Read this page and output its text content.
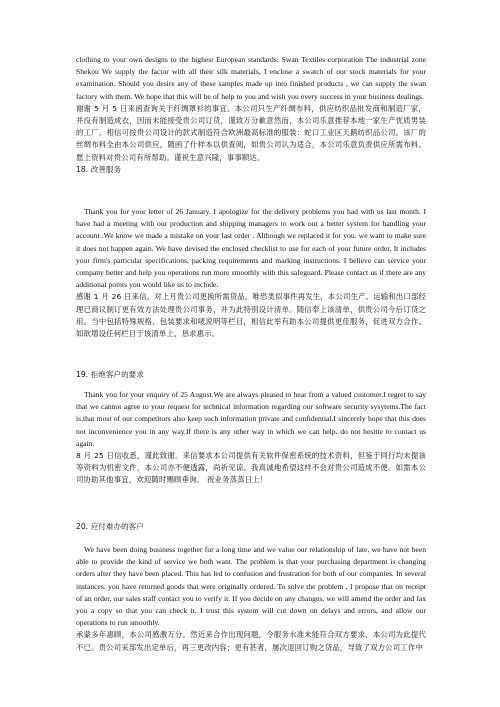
clothing to your own designs to the highest European standards: Swan Textiles corporation The industrial zone Shekou We supply the factor with all their silk materials, I enclose a swatch of our stock materials for your examination. Should you desire any of these samples made up into finished products , we can supply the swan factory with them. We hope that this will be of help to you and wish you every success in your business dealings.

谢谢 5 月 5 日来函查询关于纤绸罩衫的事宜。本公司只生产纤绸布料，供应纺织品批发商和制造厂家，并没有制造成衣，因而未能接受贵公司订货，谨致万分歉意然而，本公司乐意推荐本地一家生产优质男装的工厂，相信可按贵公司设计的款式制造符合欧洲最高标准的服装：蛇口工业区天鹅纺织品公司。该厂的丝绸布料全由本公司供应，随函了什样本以供查阅，如贵公司认为适合，本公司乐意负责供应所需布料。愿上资料对贵公司有所帮助。谨祝生意兴隆，事事顺达。

18. 改善服务

Thank you for your letter of 26 January. I apologize for the delivery problems you had with us last month. I have had a meeting with our production and shipping managers to work out a better system for handling your account .We know we made a mistake on your last order . Although we replaced it for you. we want to make sure it does not happen again. We have devised the enclosed checklist to use for each of your future order. It includes your firm's particular specifications, packing requirements and marking instructions. I believe can service your company better and help you operations run more smoothly with this safeguard. Please contact us if there are any additional points you would like us to include.

感谢 1 月 26 日来信。对上月贵公司更换所需货品，唯恐类似事件再发生，本公司生产、运输和出口部经理已商议制订更有效方法处理贵公司事务，并为此特别设计清单。随信奉上该清单，供贵公司今后订货之用。当中包括特殊规格、包装要求和唛说明等栏目，相信此举有助本公司提供更佳服务，促进双方合作。如欲增设任何栏目于该清单上，恳求惠示。

19. 拒绝客户的要求

Thank you for your enquiry of 25 August.We are always pleased to hear from a valued customer.I regret to say that we cannot agree to your request for technical information regarding our software security sysytems.The fact is,that most of our competitors also keep such information private and confidential.I sincerely hope that this does not inconvenience you in any way.If there is any other way in which we can help. do not hesitte to contact us again.

8 月 25 日信收悉，谨此致谢。来信要求本公司提供有关软件保密系统的技术资料，但鉴于同行均未提该等资料为机密文件，本公司亦不便透露，尚祈见谅。我真诚地希望这样不会对贵公司造成不便。如需本公司协助其他事宜，欢迎随时赐顾垂询。 祝业务蒸蒸日上！

20. 应付难办的客户

We have been doing business together for a long time and we value our relationship of late, we have not been able to provide the kind of service we both want. The problem is that your purchasing department is changing orders after they have been placed. This has led to confusion and frustration for both of our companies. In several instances. you have returned goods that were originally ordered. To solve the problem , I propose that on receipt of an order, our sales staff contact you to verify it. If you decide on any changes, we will amend the order and fax you a copy so that you can check it. I trust this system will cut down on delays and errors, and allow our operations to run smoothly.

承蒙多年惠顾，本公司感激万分。然近来合作出现问题，令服务水准未能符合双方要求，本公司为此提代不已。贵公司采部发出定单后，再三更改内容；更有甚者，屡次退回订购之货品，导致了双方公司工作中
